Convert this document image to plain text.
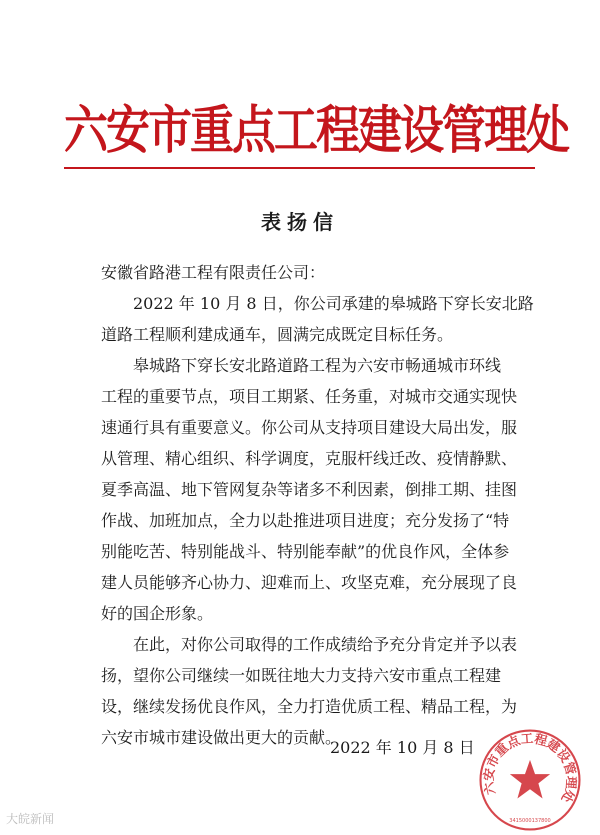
六安市重点工程建设管理处
表扬信
安徽省路港工程有限责任公司：
2022 年 10 月 8 日，你公司承建的皋城路下穿长安北路
道路工程顺利建成通车，圆满完成既定目标任务。
皋城路下穿长安北路道路工程为六安市畅通城市环线
工程的重要节点，项目工期紧、任务重，对城市交通实现快
速通行具有重要意义。你公司从支持项目建设大局出发，服
从管理、精心组织、科学调度，克服杆线迁改、疫情静默、
夏季高温、地下管网复杂等诸多不利因素，倒排工期、挂图
作战、加班加点，全力以赴推进项目进度；充分发扬了“特
别能吃苦、特别能战斗、特别能奉献”的优良作风，全体参
建人员能够齐心协力、迎难而上、攻坚克难，充分展现了良
好的国企形象。
在此，对你公司取得的工作成绩给予充分肯定并予以表
扬，望你公司继续一如既往地大力支持六安市重点工程建
设，继续发扬优良作风，全力打造优质工程、精品工程，为
六安市城市建设做出更大的贡献。
2022 年 10 月 8 日
六安市重点工程建设管理处
3415000137800
大皖新闻
